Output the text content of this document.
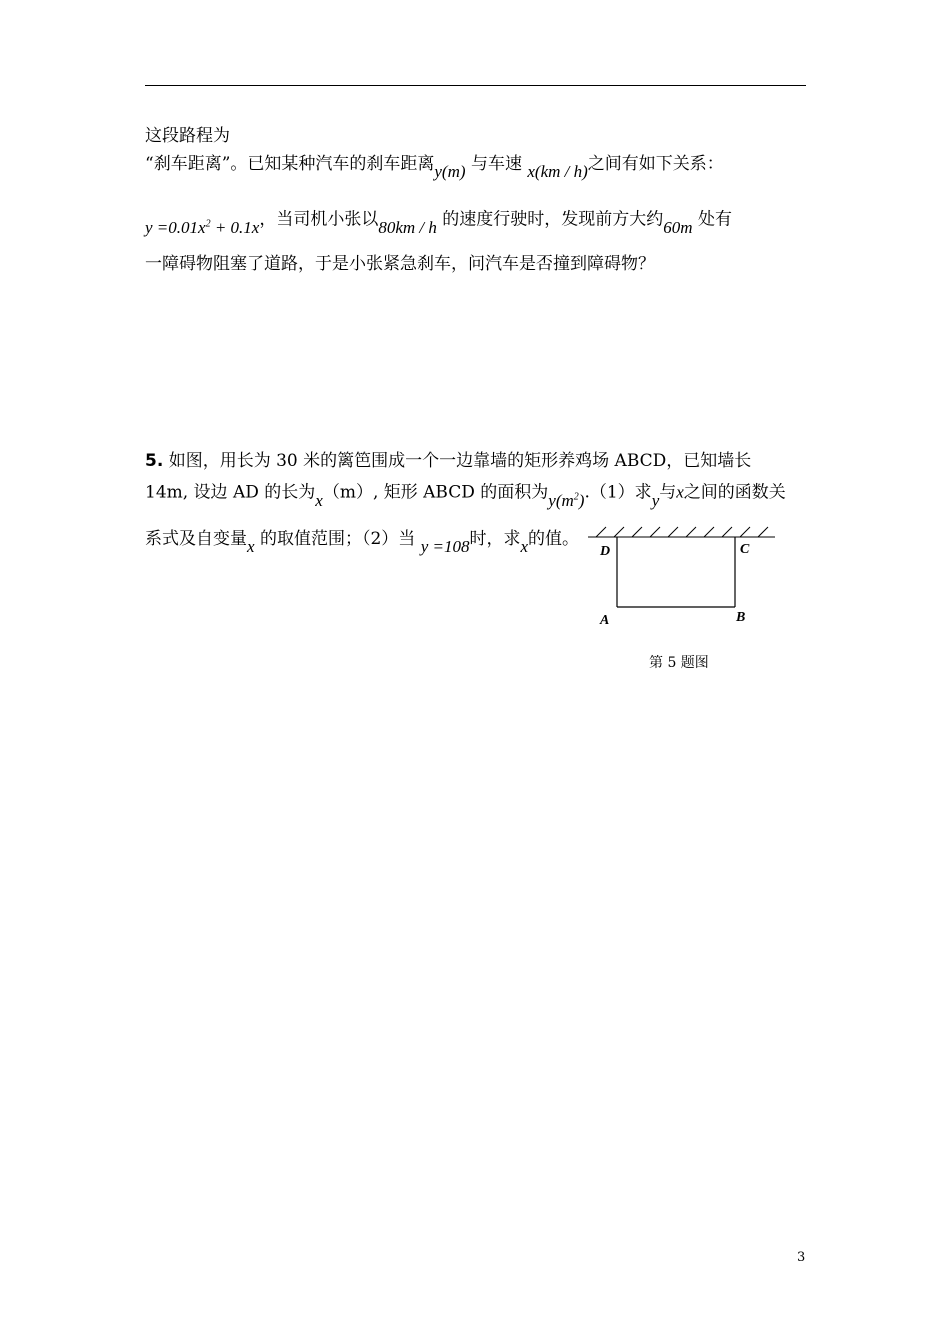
这段路程为
“刹车距离”。已知某种汽车的刹车距离y(m) 与车速 x(km / h)之间有如下关系：
$y =0.01x^2 + 0.1x$，当司机小张以80km / h 的速度行驶时，发现前方大约60m 处有
一障碍物阻塞了道路，于是小张紧急刹车，问汽车是否撞到障碍物？
5. 如图，用长为 30 米的篱笆围成一个一边靠墙的矩形养鸡场 ABCD，已知墙长
14m, 设边 AD 的长为x（m）, 矩形 ABCD 的面积为$y(m^2).(1)$求y与x之间的函数关
系式及自变量x 的取值范围；（2）当 y =108时，求x的值。
D	C
A	B
第 5 题图
3
